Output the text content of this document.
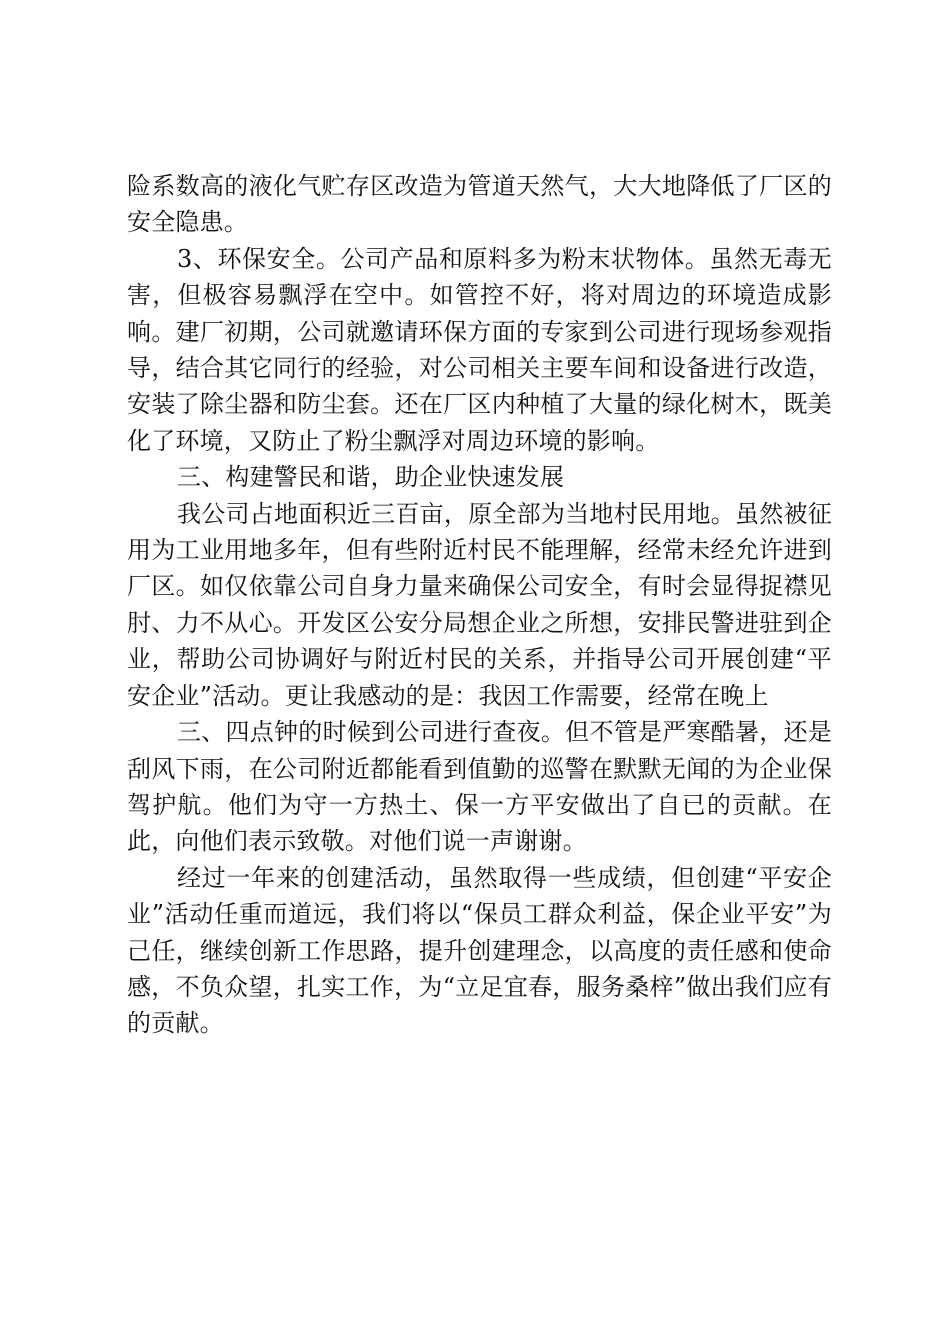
险系数高的液化气贮存区改造为管道天然气，大大地降低了厂区的安全隐患。

3、环保安全。公司产品和原料多为粉末状物体。虽然无毒无害，但极容易飘浮在空中。如管控不好，将对周边的环境造成影响。建厂初期，公司就邀请环保方面的专家到公司进行现场参观指导，结合其它同行的经验，对公司相关主要车间和设备进行改造，安装了除尘器和防尘套。还在厂区内种植了大量的绿化树木，既美化了环境，又防止了粉尘飘浮对周边环境的影响。

三、构建警民和谐，助企业快速发展

我公司占地面积近三百亩，原全部为当地村民用地。虽然被征用为工业用地多年，但有些附近村民不能理解，经常未经允许进到厂区。如仅依靠公司自身力量来确保公司安全，有时会显得捉襟见肘、力不从心。开发区公安分局想企业之所想，安排民警进驻到企业，帮助公司协调好与附近村民的关系，并指导公司开展创建“平安企业”活动。更让我感动的是：我因工作需要，经常在晚上

三、四点钟的时候到公司进行查夜。但不管是严寒酷暑，还是刮风下雨，在公司附近都能看到值勤的巡警在默默无闻的为企业保驾护航。他们为守一方热土、保一方平安做出了自已的贡献。在此，向他们表示致敬。对他们说一声谢谢。

经过一年来的创建活动，虽然取得一些成绩，但创建“平安企业”活动任重而道远，我们将以“保员工群众利益，保企业平安”为己任，继续创新工作思路，提升创建理念，以高度的责任感和使命感，不负众望，扎实工作，为“立足宜春，服务桑梓”做出我们应有的贡献。
